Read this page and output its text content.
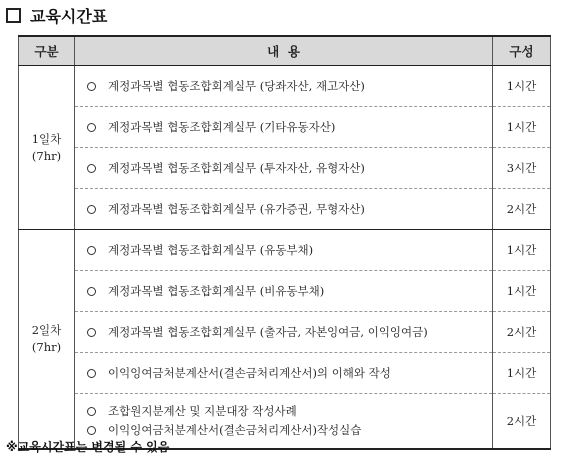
교육시간표
구분	내  용	구성

1일차
(7hr)	계정과목별 협동조합회계실무 (당좌자산, 재고자산)	1시간

	계정과목별 협동조합회계실무 (기타유동자산)	1시간

	계정과목별 협동조합회계실무 (투자자산, 유형자산)	3시간

	계정과목별 협동조합회계실무 (유가증권, 무형자산)	2시간

2일차
(7hr)	계정과목별 협동조합회계실무 (유동부채)	1시간

	계정과목별 협동조합회계실무 (비유동부채)	1시간

	계정과목별 협동조합회계실무 (출자금, 자본잉여금, 이익잉여금)	2시간

	이익잉여금처분계산서(결손금처리계산서)의 이해와 작성	1시간

	조합원지분계산 및 지분대장 작성사례
이익잉여금처분계산서(결손금처리계산서)작성실습	2시간
※교육시간표는 변경될 수 있음
